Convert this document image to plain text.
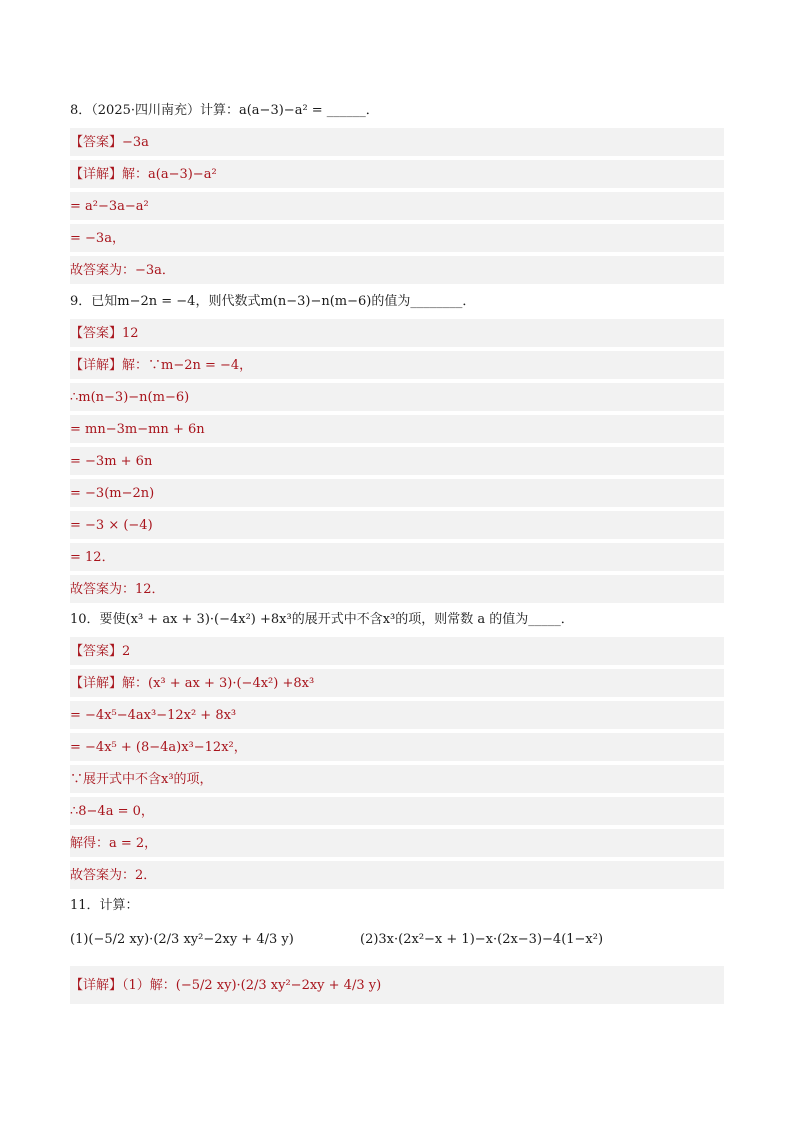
8．（2025·四川南充）计算：a(a−3)−a² = ______．
【答案】−3a
【详解】解：a(a−3)−a²
= a²−3a−a²
= −3a，
故答案为：−3a．
9．已知m−2n = −4，则代数式m(n−3)−n(m−6)的值为________．
【答案】12
【详解】解：∵m−2n = −4，
∴m(n−3)−n(m−6)
= mn−3m−mn + 6n
= −3m + 6n
= −3(m−2n)
= −3 × (−4)
= 12．
故答案为：12．
10．要使(x³ + ax + 3)·(−4x²) +8x³的展开式中不含x³的项，则常数 a 的值为_____．
【答案】2
【详解】解：(x³ + ax + 3)·(−4x²) +8x³
= −4x⁵−4ax³−12x² + 8x³
= −4x⁵ + (8−4a)x³−12x²，
∵展开式中不含x³的项，
∴8−4a = 0，
解得：a = 2，
故答案为：2．
11．计算：
(1)(−5/2 xy)·(2/3 xy²−2xy + 4/3 y)	(2)3x·(2x²−x + 1)−x·(2x−3)−4(1−x²)
【详解】（1）解：(−5/2 xy)·(2/3 xy²−2xy + 4/3 y)
